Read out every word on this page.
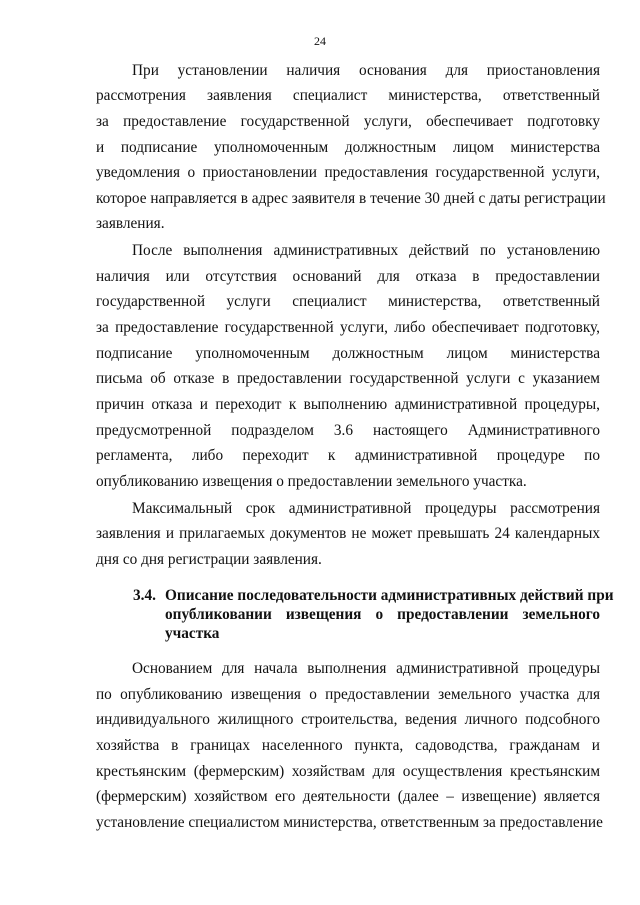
24
При установлении наличия основания для приостановления
рассмотрения заявления специалист министерства, ответственный
за предоставление государственной услуги, обеспечивает подготовку
и подписание уполномоченным должностным лицом министерства
уведомления о приостановлении предоставления государственной услуги,
которое направляется в адрес заявителя в течение 30 дней с даты регистрации
заявления.
После выполнения административных действий по установлению
наличия или отсутствия оснований для отказа в предоставлении
государственной услуги специалист министерства, ответственный
за предоставление государственной услуги, либо обеспечивает подготовку,
подписание уполномоченным должностным лицом министерства
письма об отказе в предоставлении государственной услуги с указанием
причин отказа и переходит к выполнению административной процедуры,
предусмотренной подразделом 3.6 настоящего Административного
регламента, либо переходит к административной процедуре по
опубликованию извещения о предоставлении земельного участка.
Максимальный срок административной процедуры рассмотрения
заявления и прилагаемых документов не может превышать 24 календарных
дня со дня регистрации заявления.
3.4. Описание последовательности административных действий при
опубликовании извещения о предоставлении земельного
участка
Основанием для начала выполнения административной процедуры
по опубликованию извещения о предоставлении земельного участка для
индивидуального жилищного строительства, ведения личного подсобного
хозяйства в границах населенного пункта, садоводства, гражданам и
крестьянским (фермерским) хозяйствам для осуществления крестьянским
(фермерским) хозяйством его деятельности (далее – извещение) является
установление специалистом министерства, ответственным за предоставление
